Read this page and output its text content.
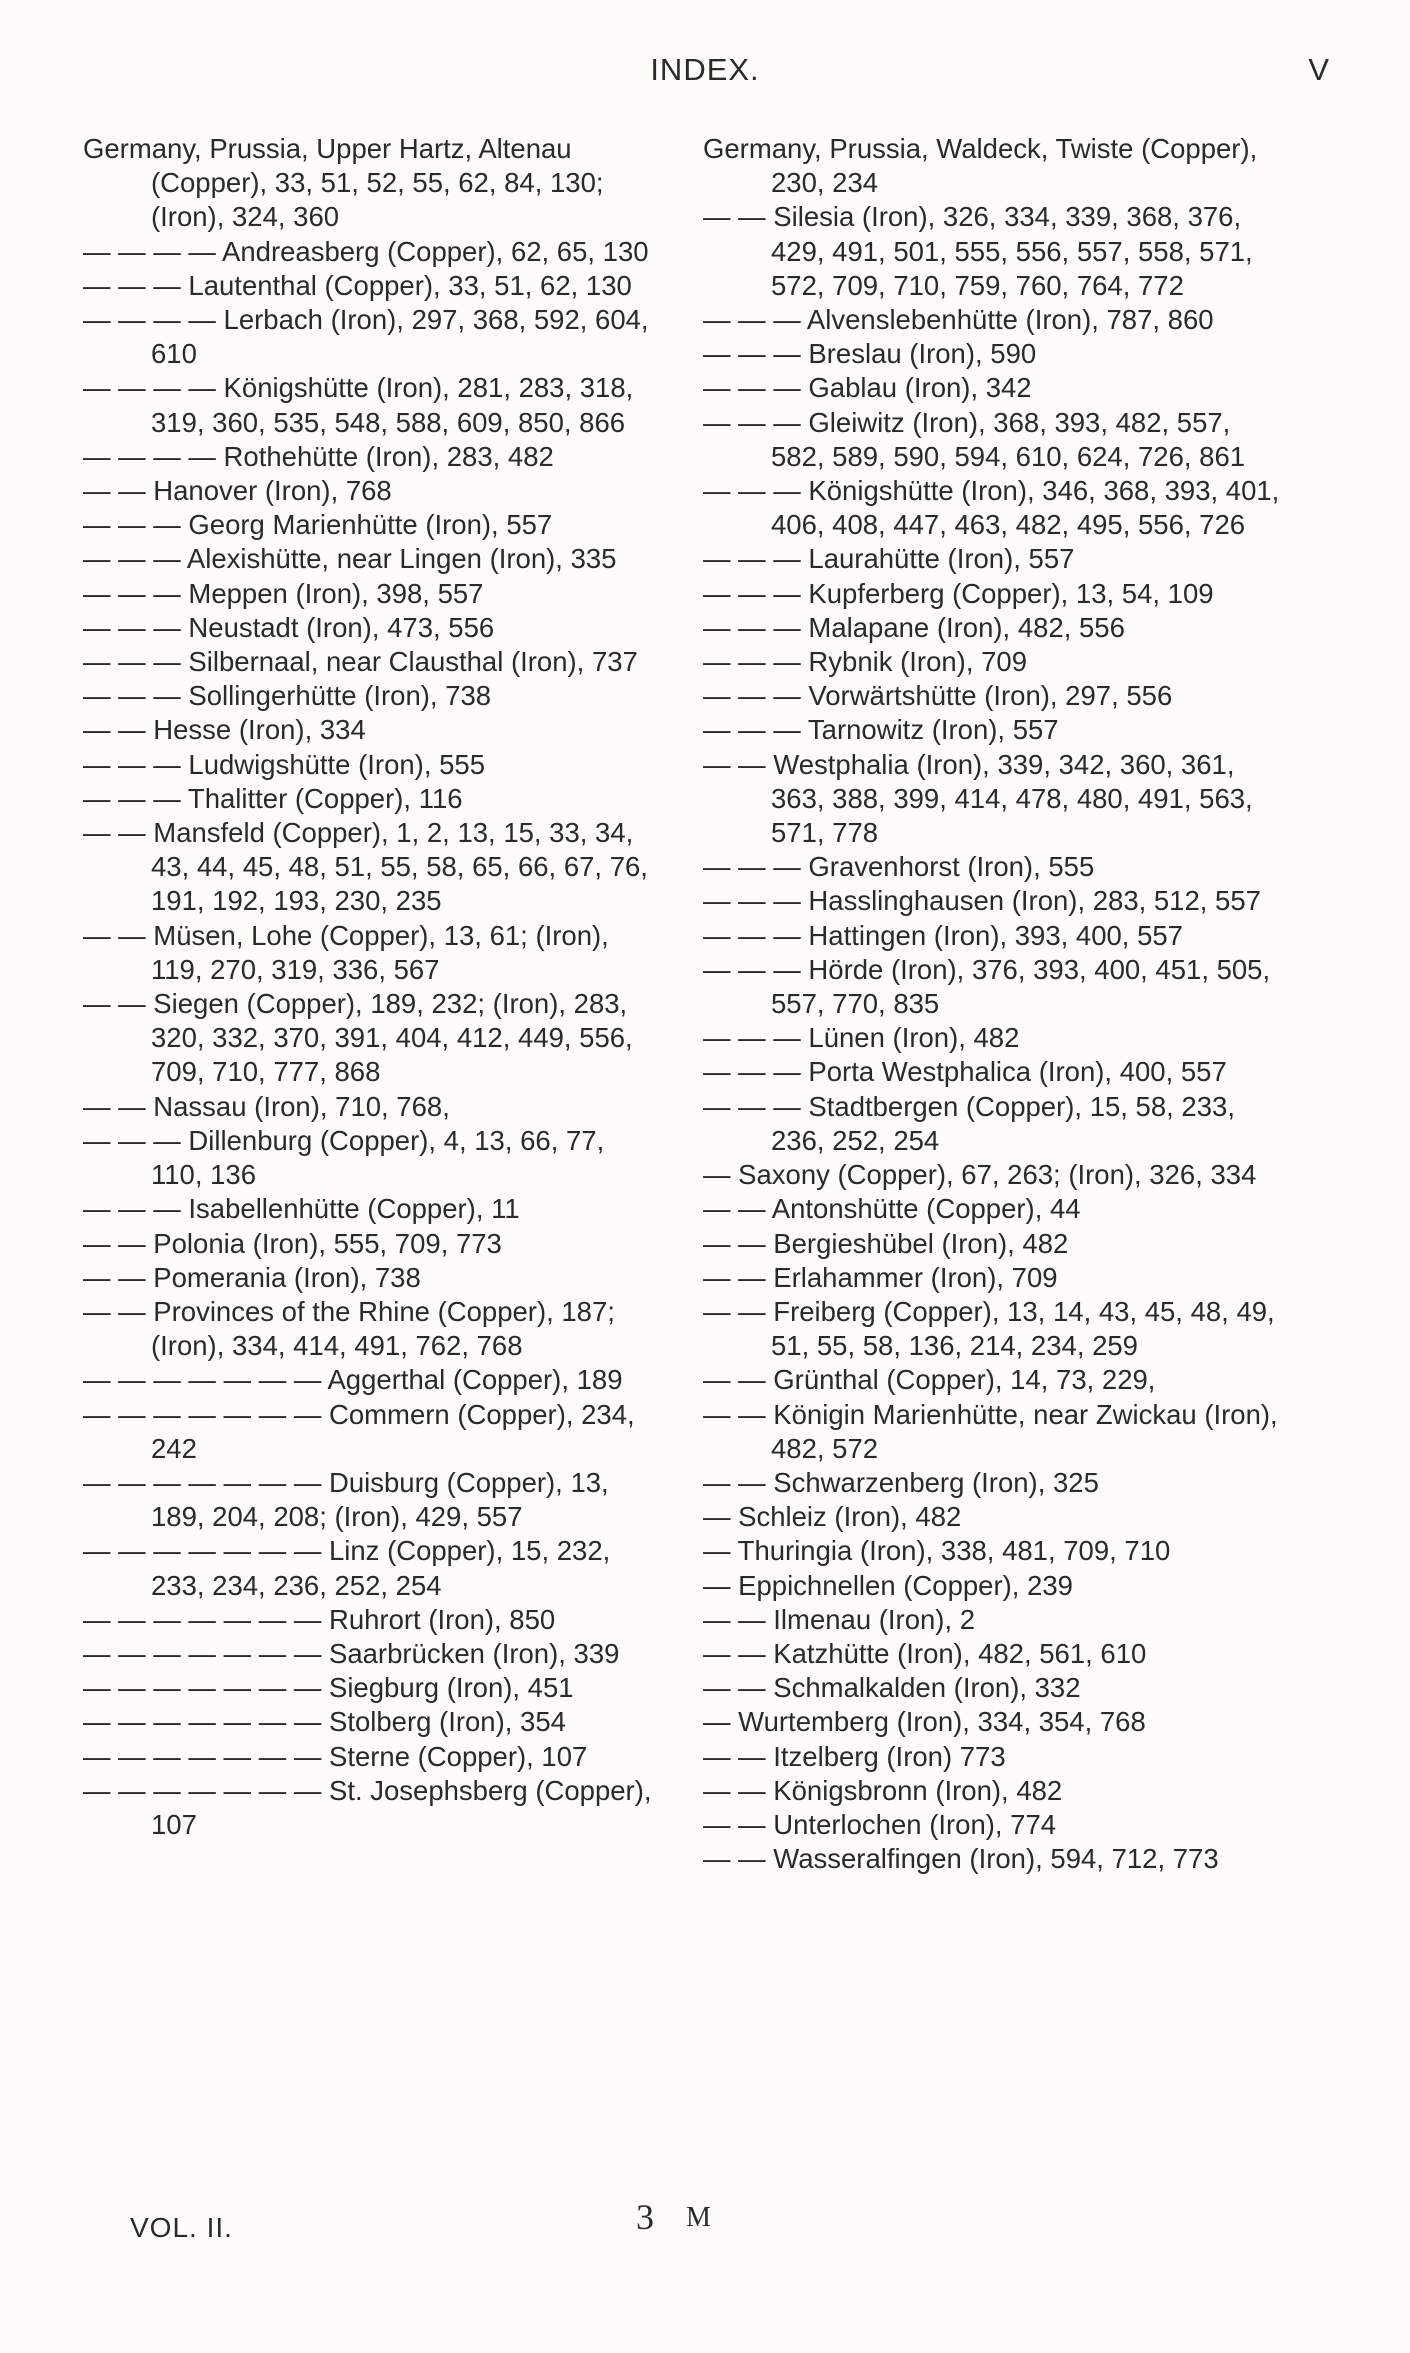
INDEX.	V

Germany, Prussia, Upper Hartz, Altenau (Copper), 33, 51, 52, 55, 62, 84, 130; (Iron), 324, 360

— — — — Andreasberg (Copper), 62, 65, 130

— — — Lautenthal (Copper), 33, 51, 62, 130

— — — — Lerbach (Iron), 297, 368, 592, 604, 610

— — — — Königshütte (Iron), 281, 283, 318, 319, 360, 535, 548, 588, 609, 850, 866

— — — — Rothehütte (Iron), 283, 482

— — Hanover (Iron), 768

— — — Georg Marienhütte (Iron), 557

— — — Alexishütte, near Lingen (Iron), 335

— — — Meppen (Iron), 398, 557

— — — Neustadt (Iron), 473, 556

— — — Silbernaal, near Clausthal (Iron), 737

— — — Sollingerhütte (Iron), 738

— — Hesse (Iron), 334

— — — Ludwigshütte (Iron), 555

— — — Thalitter (Copper), 116

— — Mansfeld (Copper), 1, 2, 13, 15, 33, 34, 43, 44, 45, 48, 51, 55, 58, 65, 66, 67, 76, 191, 192, 193, 230, 235

— — Müsen, Lohe (Copper), 13, 61; (Iron), 119, 270, 319, 336, 567

— — Siegen (Copper), 189, 232; (Iron), 283, 320, 332, 370, 391, 404, 412, 449, 556, 709, 710, 777, 868

— — Nassau (Iron), 710, 768,

— — — Dillenburg (Copper), 4, 13, 66, 77, 110, 136

— — — Isabellenhütte (Copper), 11

— — Polonia (Iron), 555, 709, 773

— — Pomerania (Iron), 738

— — Provinces of the Rhine (Copper), 187; (Iron), 334, 414, 491, 762, 768

— — — — — — — Aggerthal (Copper), 189

— — — — — — — Commern (Copper), 234, 242

— — — — — — — Duisburg (Copper), 13, 189, 204, 208; (Iron), 429, 557

— — — — — — — Linz (Copper), 15, 232, 233, 234, 236, 252, 254

— — — — — — — Ruhrort (Iron), 850

— — — — — — — Saarbrücken (Iron), 339

— — — — — — — Siegburg (Iron), 451

— — — — — — — Stolberg (Iron), 354

— — — — — — — Sterne (Copper), 107

— — — — — — — St. Josephsberg (Copper), 107

Germany, Prussia, Waldeck, Twiste (Copper), 230, 234

— — Silesia (Iron), 326, 334, 339, 368, 376, 429, 491, 501, 555, 556, 557, 558, 571, 572, 709, 710, 759, 760, 764, 772

— — — Alvenslebenhütte (Iron), 787, 860

— — — Breslau (Iron), 590

— — — Gablau (Iron), 342

— — — Gleiwitz (Iron), 368, 393, 482, 557, 582, 589, 590, 594, 610, 624, 726, 861

— — — Königshütte (Iron), 346, 368, 393, 401, 406, 408, 447, 463, 482, 495, 556, 726

— — — Laurahütte (Iron), 557

— — — Kupferberg (Copper), 13, 54, 109

— — — Malapane (Iron), 482, 556

— — — Rybnik (Iron), 709

— — — Vorwärtshütte (Iron), 297, 556

— — — Tarnowitz (Iron), 557

— — Westphalia (Iron), 339, 342, 360, 361, 363, 388, 399, 414, 478, 480, 491, 563, 571, 778

— — — Gravenhorst (Iron), 555

— — — Hasslinghausen (Iron), 283, 512, 557

— — — Hattingen (Iron), 393, 400, 557

— — — Hörde (Iron), 376, 393, 400, 451, 505, 557, 770, 835

— — — Lünen (Iron), 482

— — — Porta Westphalica (Iron), 400, 557

— — — Stadtbergen (Copper), 15, 58, 233, 236, 252, 254

— Saxony (Copper), 67, 263; (Iron), 326, 334

— — Antonshütte (Copper), 44

— — Bergieshübel (Iron), 482

— — Erlahammer (Iron), 709

— — Freiberg (Copper), 13, 14, 43, 45, 48, 49, 51, 55, 58, 136, 214, 234, 259

— — Grünthal (Copper), 14, 73, 229,

— — Königin Marienhütte, near Zwickau (Iron), 482, 572

— — Schwarzenberg (Iron), 325

— Schleiz (Iron), 482

— Thuringia (Iron), 338, 481, 709, 710

— Eppichnellen (Copper), 239

— — Ilmenau (Iron), 2

— — Katzhütte (Iron), 482, 561, 610

— — Schmalkalden (Iron), 332

— Wurtemberg (Iron), 334, 354, 768

— — Itzelberg (Iron) 773

— — Königsbronn (Iron), 482

— — Unterlochen (Iron), 774

— — Wasseralfingen (Iron), 594, 712, 773

VOL. II.	3 M
